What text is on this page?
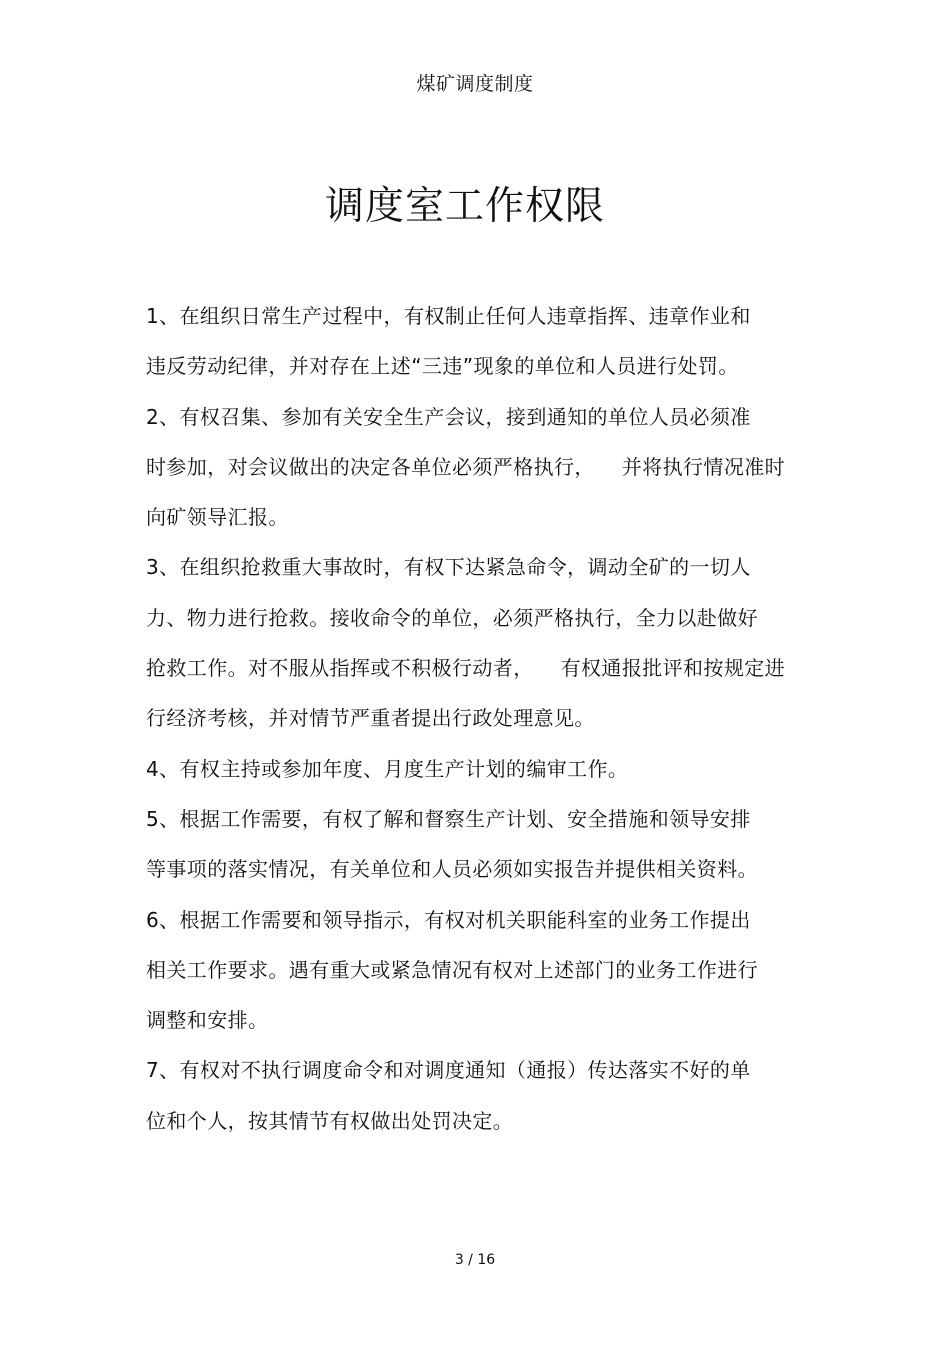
煤矿调度制度
调度室工作权限
1、在组织日常生产过程中，有权制止任何人违章指挥、违章作业和
违反劳动纪律，并对存在上述“三违”现象的单位和人员进行处罚。
2、有权召集、参加有关安全生产会议，接到通知的单位人员必须准
时参加，对会议做出的决定各单位必须严格执行，    并将执行情况准时
向矿领导汇报。
3、在组织抢救重大事故时，有权下达紧急命令，调动全矿的一切人
力、物力进行抢救。接收命令的单位，必须严格执行，全力以赴做好
抢救工作。对不服从指挥或不积极行动者，    有权通报批评和按规定进
行经济考核，并对情节严重者提出行政处理意见。
4、有权主持或参加年度、月度生产计划的编审工作。
5、根据工作需要，有权了解和督察生产计划、安全措施和领导安排
等事项的落实情况，有关单位和人员必须如实报告并提供相关资料。
6、根据工作需要和领导指示，有权对机关职能科室的业务工作提出
相关工作要求。遇有重大或紧急情况有权对上述部门的业务工作进行
调整和安排。
7、有权对不执行调度命令和对调度通知（通报）传达落实不好的单
位和个人，按其情节有权做出处罚决定。
3 / 16
